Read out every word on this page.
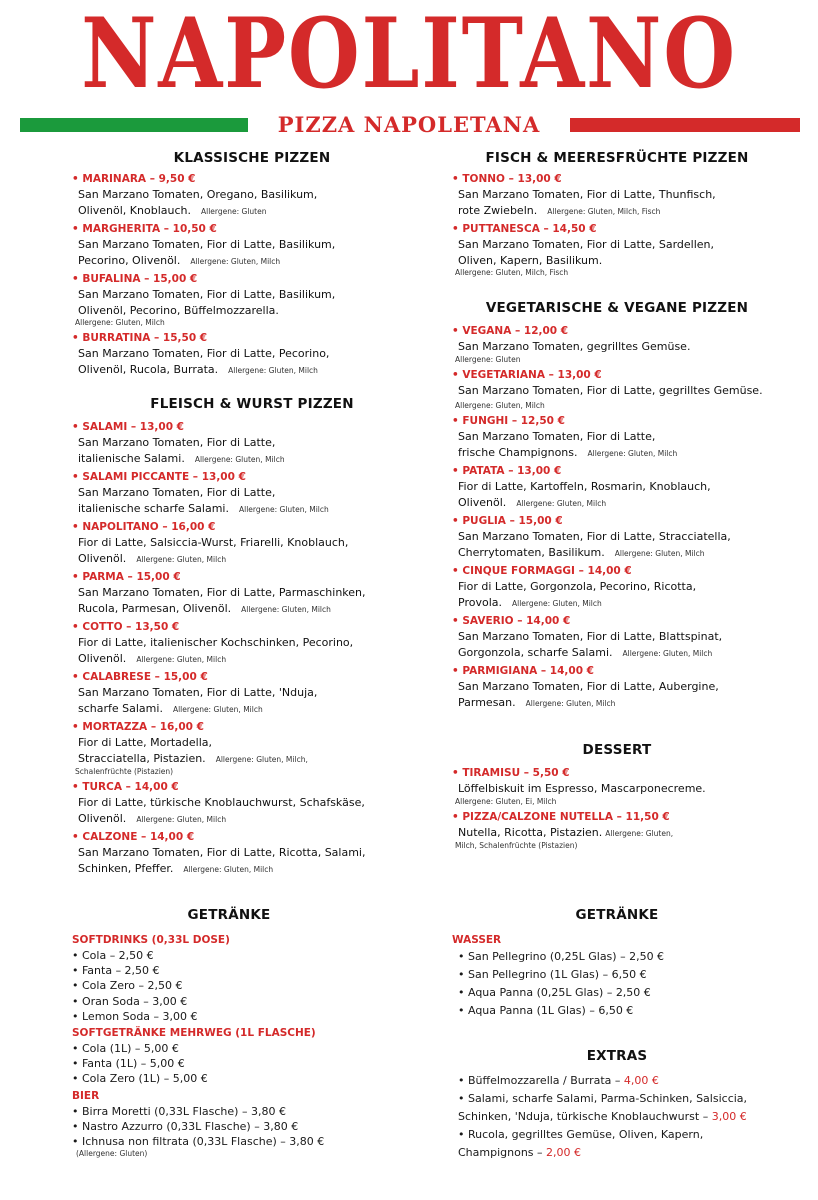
NAPOLITANO
PIZZA NAPOLETANA
KLASSISCHE PIZZEN
• MARINARA – 9,50 €
San Marzano Tomaten, Oregano, Basilikum,
Olivenöl, Knoblauch. Allergene: Gluten
• MARGHERITA – 10,50 €
San Marzano Tomaten, Fior di Latte, Basilikum,
Pecorino, Olivenöl. Allergene: Gluten, Milch
• BUFALINA – 15,00 €
San Marzano Tomaten, Fior di Latte, Basilikum,
Olivenöl, Pecorino, Büffelmozzarella.
Allergene: Gluten, Milch
• BURRATINA – 15,50 €
San Marzano Tomaten, Fior di Latte, Pecorino,
Olivenöl, Rucola, Burrata. Allergene: Gluten, Milch
FLEISCH & WURST PIZZEN
• SALAMI – 13,00 €
San Marzano Tomaten, Fior di Latte,
italienische Salami. Allergene: Gluten, Milch
• SALAMI PICCANTE – 13,00 €
San Marzano Tomaten, Fior di Latte,
italienische scharfe Salami. Allergene: Gluten, Milch
• NAPOLITANO – 16,00 €
Fior di Latte, Salsiccia-Wurst, Friarelli, Knoblauch,
Olivenöl. Allergene: Gluten, Milch
• PARMA – 15,00 €
San Marzano Tomaten, Fior di Latte, Parmaschinken,
Rucola, Parmesan, Olivenöl. Allergene: Gluten, Milch
• COTTO – 13,50 €
Fior di Latte, italienischer Kochschinken, Pecorino,
Olivenöl. Allergene: Gluten, Milch
• CALABRESE – 15,00 €
San Marzano Tomaten, Fior di Latte, 'Nduja,
scharfe Salami. Allergene: Gluten, Milch
• MORTAZZA – 16,00 €
Fior di Latte, Mortadella,
Stracciatella, Pistazien. Allergene: Gluten, Milch,
Schalenfrüchte (Pistazien)
• TURCA – 14,00 €
Fior di Latte, türkische Knoblauchwurst, Schafskäse,
Olivenöl. Allergene: Gluten, Milch
• CALZONE – 14,00 €
San Marzano Tomaten, Fior di Latte, Ricotta, Salami,
Schinken, Pfeffer. Allergene: Gluten, Milch
FISCH & MEERESFRÜCHTE PIZZEN
• TONNO – 13,00 €
San Marzano Tomaten, Fior di Latte, Thunfisch,
rote Zwiebeln. Allergene: Gluten, Milch, Fisch
• PUTTANESCA – 14,50 €
San Marzano Tomaten, Fior di Latte, Sardellen,
Oliven, Kapern, Basilikum.
Allergene: Gluten, Milch, Fisch
VEGETARISCHE & VEGANE PIZZEN
• VEGANA – 12,00 €
San Marzano Tomaten, gegrilltes Gemüse.
Allergene: Gluten
• VEGETARIANA – 13,00 €
San Marzano Tomaten, Fior di Latte, gegrilltes Gemüse.
Allergene: Gluten, Milch
• FUNGHI – 12,50 €
San Marzano Tomaten, Fior di Latte,
frische Champignons. Allergene: Gluten, Milch
• PATATA – 13,00 €
Fior di Latte, Kartoffeln, Rosmarin, Knoblauch,
Olivenöl. Allergene: Gluten, Milch
• PUGLIA – 15,00 €
San Marzano Tomaten, Fior di Latte, Stracciatella,
Cherrytomaten, Basilikum. Allergene: Gluten, Milch
• CINQUE FORMAGGI – 14,00 €
Fior di Latte, Gorgonzola, Pecorino, Ricotta,
Provola. Allergene: Gluten, Milch
• SAVERIO – 14,00 €
San Marzano Tomaten, Fior di Latte, Blattspinat,
Gorgonzola, scharfe Salami. Allergene: Gluten, Milch
• PARMIGIANA – 14,00 €
San Marzano Tomaten, Fior di Latte, Aubergine,
Parmesan. Allergene: Gluten, Milch
DESSERT
• TIRAMISU – 5,50 €
Löffelbiskuit im Espresso, Mascarponecreme.
Allergene: Gluten, Ei, Milch
• PIZZA/CALZONE NUTELLA – 11,50 €
Nutella, Ricotta, Pistazien. Allergene: Gluten,
Milch, Schalenfrüchte (Pistazien)
GETRÄNKE
SOFTDRINKS (0,33L DOSE)
• Cola – 2,50 €
• Fanta – 2,50 €
• Cola Zero – 2,50 €
• Oran Soda – 3,00 €
• Lemon Soda – 3,00 €
SOFTGETRÄNKE MEHRWEG (1L FLASCHE)
• Cola (1L) – 5,00 €
• Fanta (1L) – 5,00 €
• Cola Zero (1L) – 5,00 €
BIER
• Birra Moretti (0,33L Flasche) – 3,80 €
• Nastro Azzurro (0,33L Flasche) – 3,80 €
• Ichnusa non filtrata (0,33L Flasche) – 3,80 €
(Allergene: Gluten)
GETRÄNKE
WASSER
• San Pellegrino (0,25L Glas) – 2,50 €
• San Pellegrino (1L Glas) – 6,50 €
• Aqua Panna (0,25L Glas) – 2,50 €
• Aqua Panna (1L Glas) – 6,50 €
EXTRAS
• Büffelmozzarella / Burrata – 4,00 €
• Salami, scharfe Salami, Parma-Schinken, Salsiccia,
Schinken, 'Nduja, türkische Knoblauchwurst – 3,00 €
• Rucola, gegrilltes Gemüse, Oliven, Kapern,
Champignons – 2,00 €
